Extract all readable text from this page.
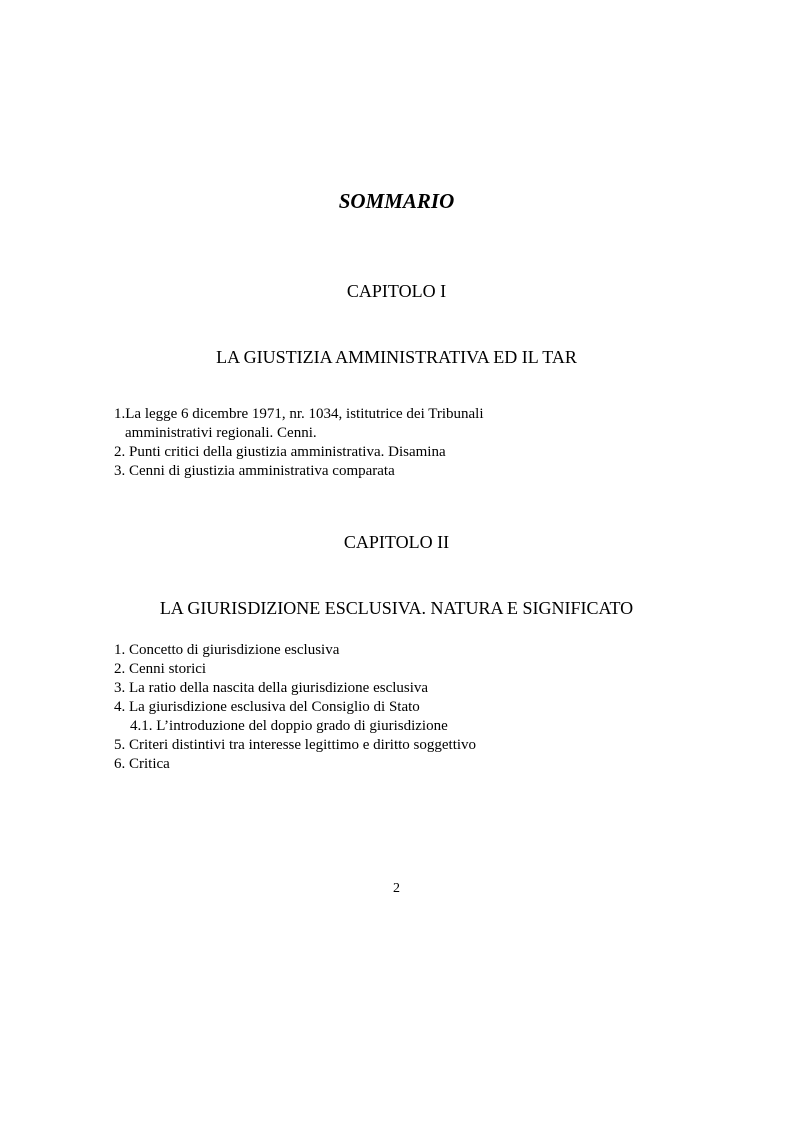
SOMMARIO
CAPITOLO I
LA GIUSTIZIA AMMINISTRATIVA ED IL TAR
1.La legge 6 dicembre 1971, nr. 1034, istitutrice dei Tribunali
amministrativi regionali. Cenni.
2. Punti critici della giustizia amministrativa. Disamina
3. Cenni di giustizia amministrativa comparata
CAPITOLO II
LA GIURISDIZIONE ESCLUSIVA. NATURA E SIGNIFICATO
1. Concetto di giurisdizione esclusiva
2. Cenni storici
3. La ratio della nascita della giurisdizione esclusiva
4. La giurisdizione esclusiva del Consiglio di Stato
4.1. L’introduzione del doppio grado di giurisdizione
5. Criteri distintivi tra interesse legittimo e diritto soggettivo
6. Critica
2
